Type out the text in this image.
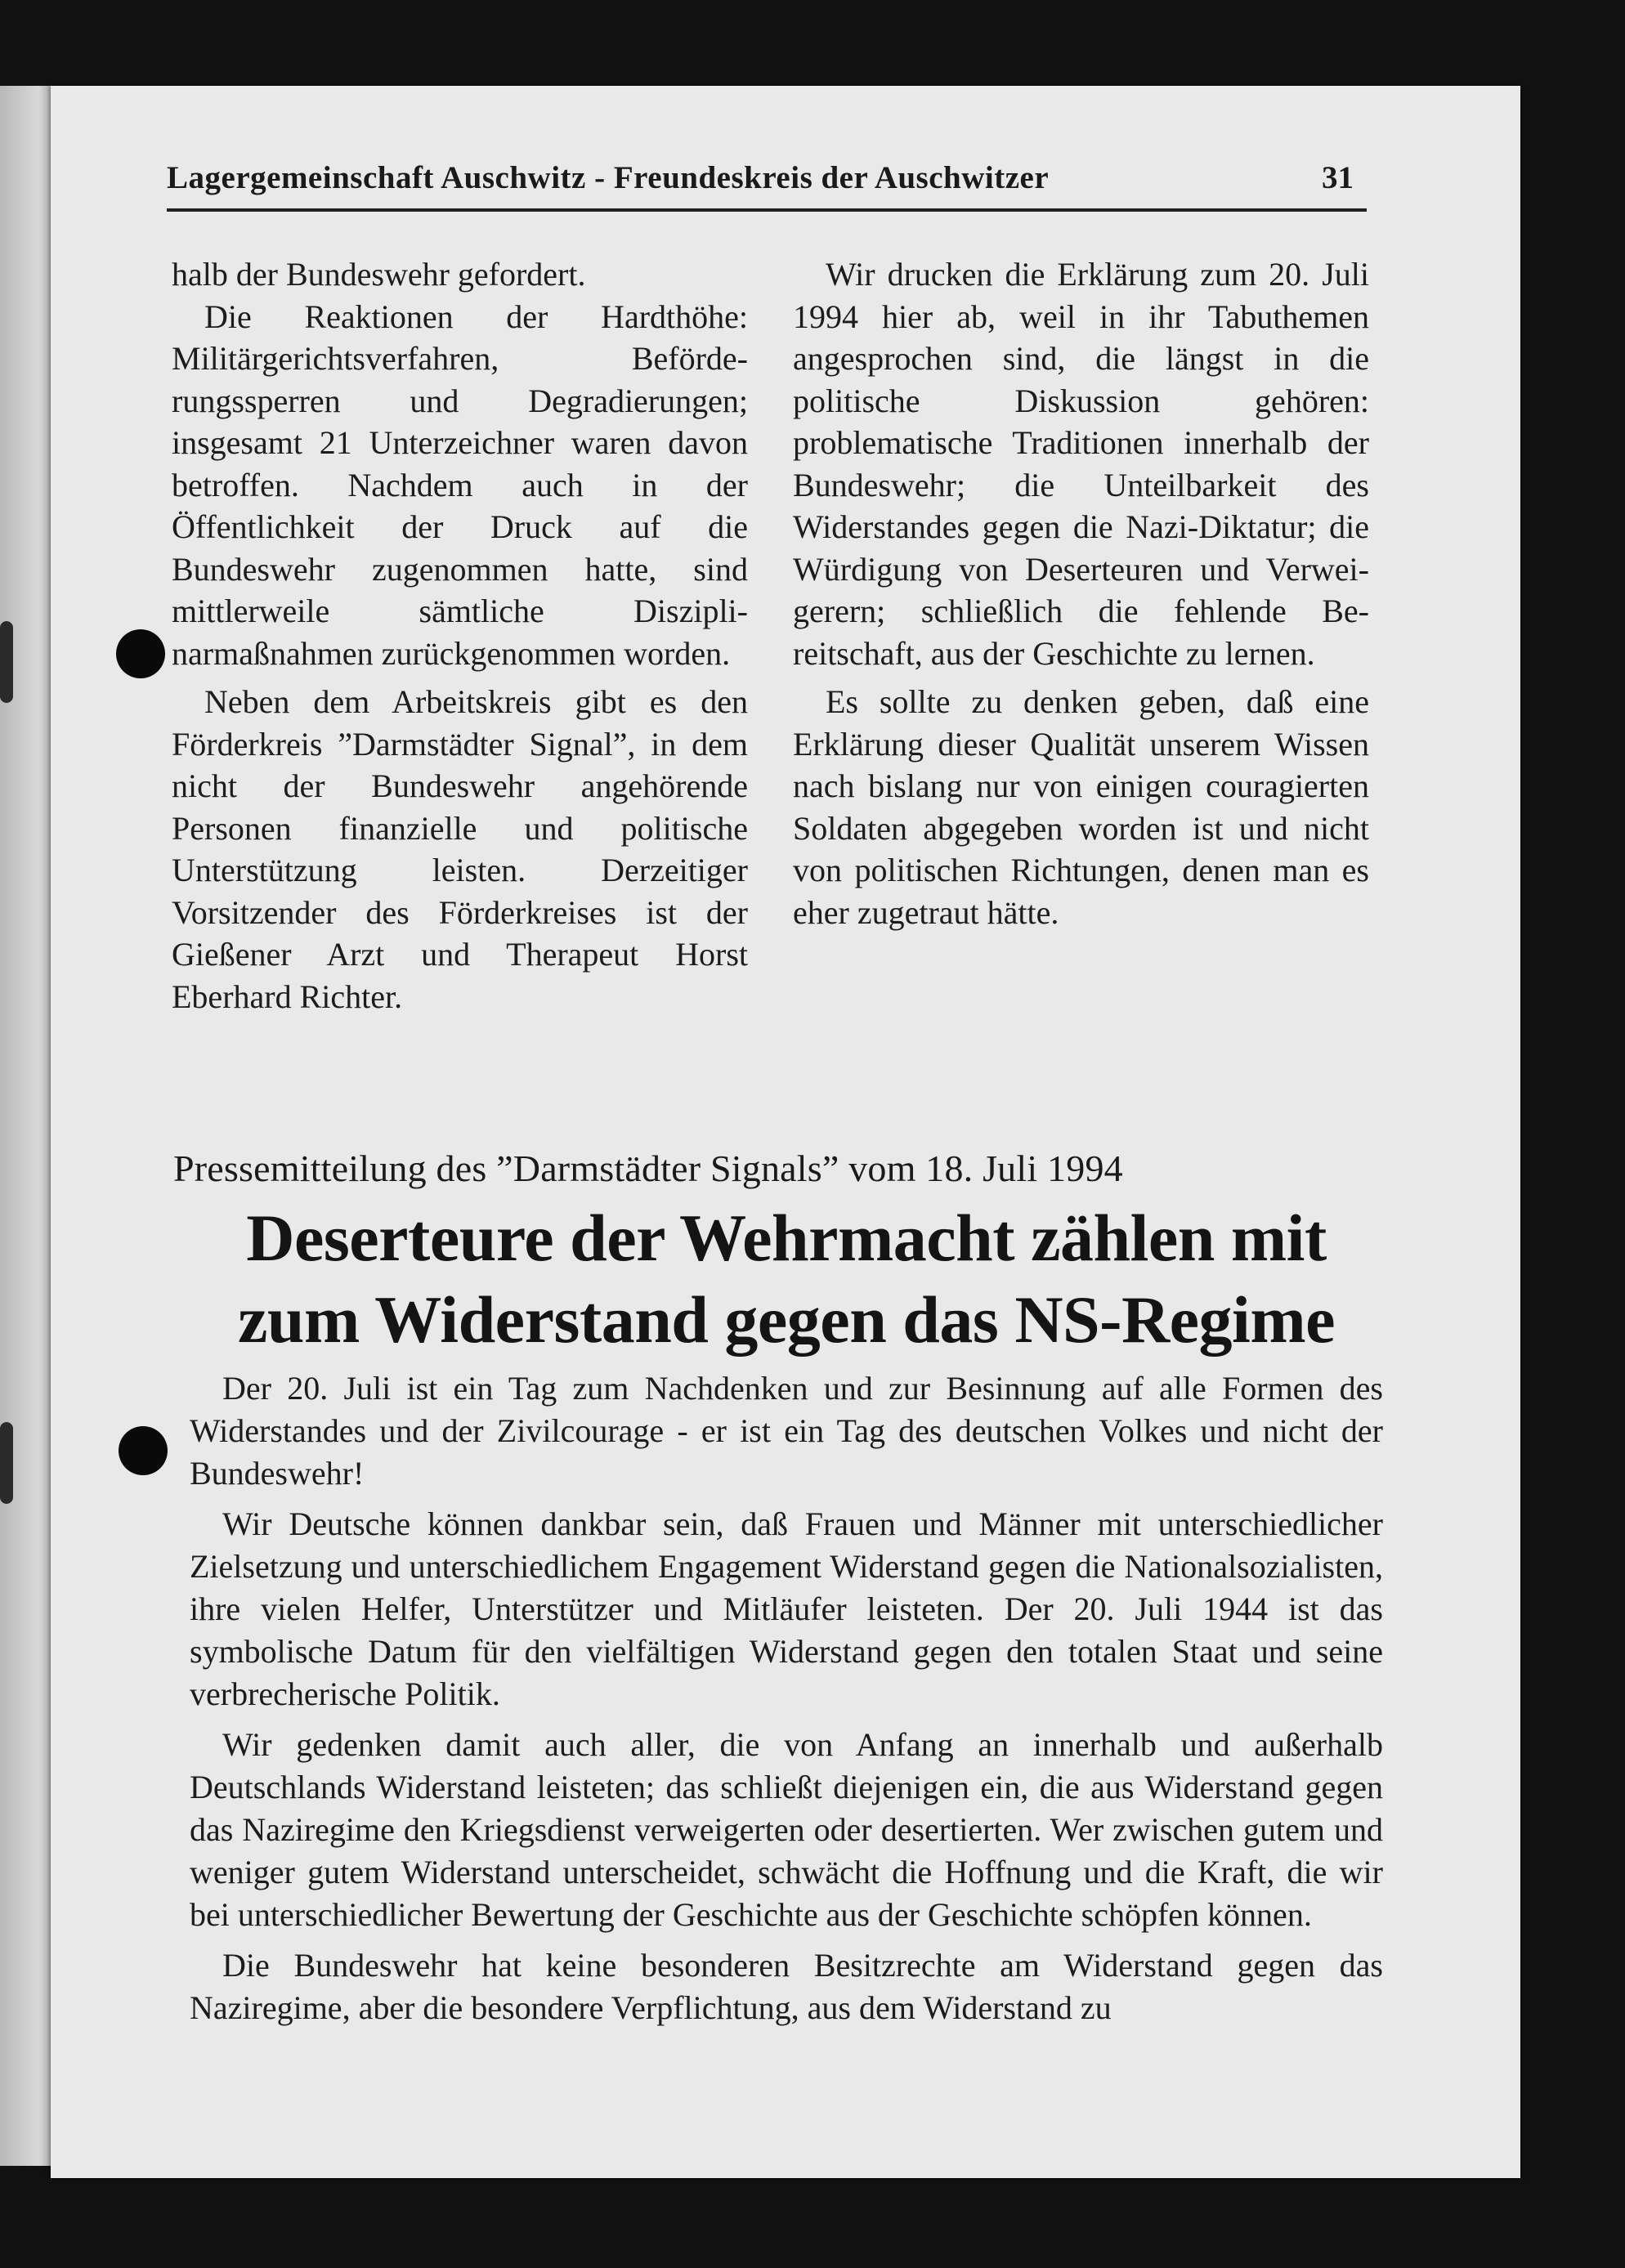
Lagergemeinschaft Auschwitz - Freundeskreis der Auschwitzer	31

halb der Bundeswehr gefordert.

Die Reaktionen der Hardthöhe: Militärgerichtsverfahren, Beförderungssperren und Degradierungen; insgesamt 21 Unterzeichner waren davon betroffen. Nachdem auch in der Öffentlichkeit der Druck auf die Bundeswehr zugenommen hatte, sind mittlerweile sämtliche Disziplinarmaßnahmen zurückgenommen worden.

Neben dem Arbeitskreis gibt es den Förderkreis ”Darmstädter Signal”, in dem nicht der Bundeswehr angehörende Personen finanzielle und politische Unterstützung leisten. Derzeitiger Vorsitzender des Förderkreises ist der Gießener Arzt und Therapeut Horst Eberhard Richter.

Wir drucken die Erklärung zum 20. Juli 1994 hier ab, weil in ihr Tabuthemen angesprochen sind, die längst in die politische Diskussion gehören: problematische Traditionen innerhalb der Bundeswehr; die Unteilbarkeit des Widerstandes gegen die Nazi-Diktatur; die Würdigung von Deserteuren und Verweigerern; schließlich die fehlende Bereitschaft, aus der Geschichte zu lernen.

Es sollte zu denken geben, daß eine Erklärung dieser Qualität unserem Wissen nach bislang nur von einigen couragierten Soldaten abgegeben worden ist und nicht von politischen Richtungen, denen man es eher zugetraut hätte.

Pressemitteilung des ”Darmstädter Signals” vom 18. Juli 1994
Deserteure der Wehrmacht zählen mit
zum Widerstand gegen das NS-Regime

Der 20. Juli ist ein Tag zum Nachdenken und zur Besinnung auf alle Formen des Widerstandes und der Zivilcourage - er ist ein Tag des deutschen Volkes und nicht der Bundeswehr!

Wir Deutsche können dankbar sein, daß Frauen und Männer mit unterschiedlicher Zielsetzung und unterschiedlichem Engagement Widerstand gegen die Nationalsozialisten, ihre vielen Helfer, Unterstützer und Mitläufer leisteten. Der 20. Juli 1944 ist das symbolische Datum für den vielfältigen Widerstand gegen den totalen Staat und seine verbrecherische Politik.

Wir gedenken damit auch aller, die von Anfang an innerhalb und außerhalb Deutschlands Widerstand leisteten; das schließt diejenigen ein, die aus Widerstand gegen das Naziregime den Kriegsdienst verweigerten oder desertierten. Wer zwischen gutem und weniger gutem Widerstand unterscheidet, schwächt die Hoffnung und die Kraft, die wir bei unterschiedlicher Bewertung der Geschichte aus der Geschichte schöpfen können.

Die Bundeswehr hat keine besonderen Besitzrechte am Widerstand gegen das Naziregime, aber die besondere Verpflichtung, aus dem Widerstand zu
